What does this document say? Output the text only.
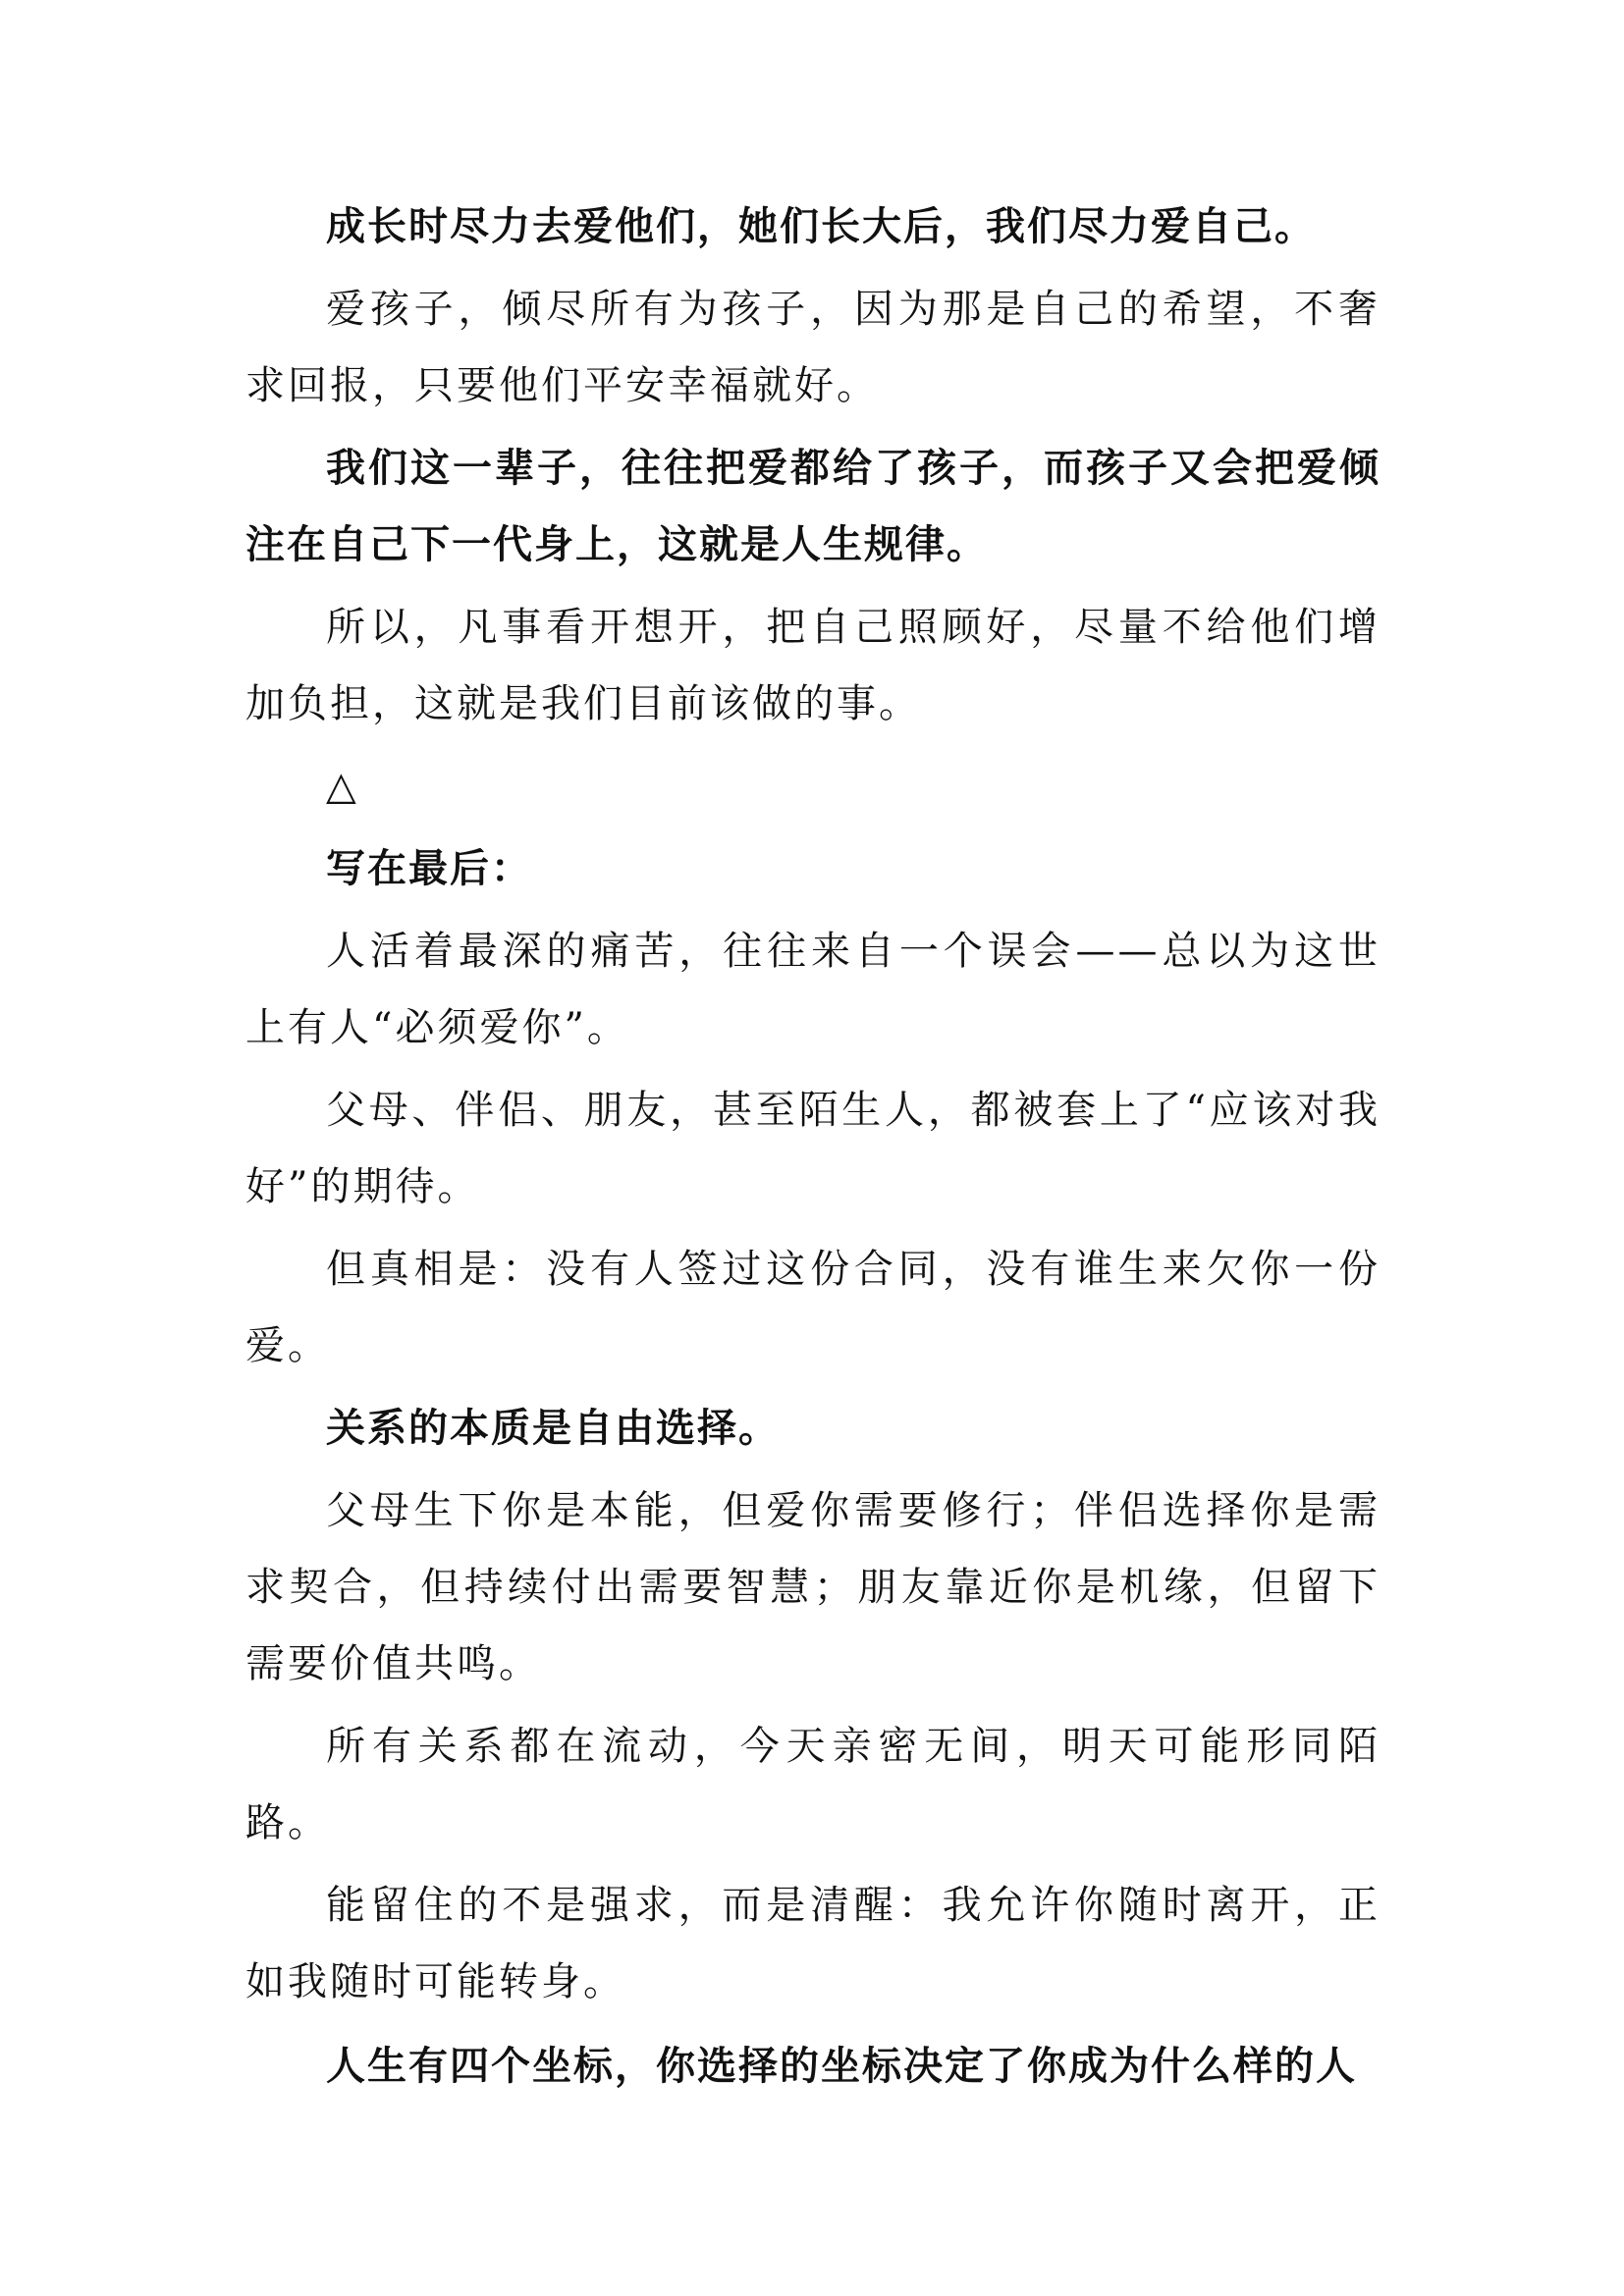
成长时尽力去爱他们，她们长大后，我们尽力爱自己。

爱孩子，倾尽所有为孩子，因为那是自己的希望，不奢求回报，只要他们平安幸福就好。

我们这一辈子，往往把爱都给了孩子，而孩子又会把爱倾注在自己下一代身上，这就是人生规律。

所以，凡事看开想开，把自己照顾好，尽量不给他们增加负担，这就是我们目前该做的事。

△

写在最后：

人活着最深的痛苦，往往来自一个误会——总以为这世上有人“必须爱你”。

父母、伴侣、朋友，甚至陌生人，都被套上了“应该对我好”的期待。

但真相是：没有人签过这份合同，没有谁生来欠你一份爱。

关系的本质是自由选择。

父母生下你是本能，但爱你需要修行；伴侣选择你是需求契合，但持续付出需要智慧；朋友靠近你是机缘，但留下需要价值共鸣。

所有关系都在流动，今天亲密无间，明天可能形同陌路。

能留住的不是强求，而是清醒：我允许你随时离开，正如我随时可能转身。

人生有四个坐标，你选择的坐标决定了你成为什么样的人
